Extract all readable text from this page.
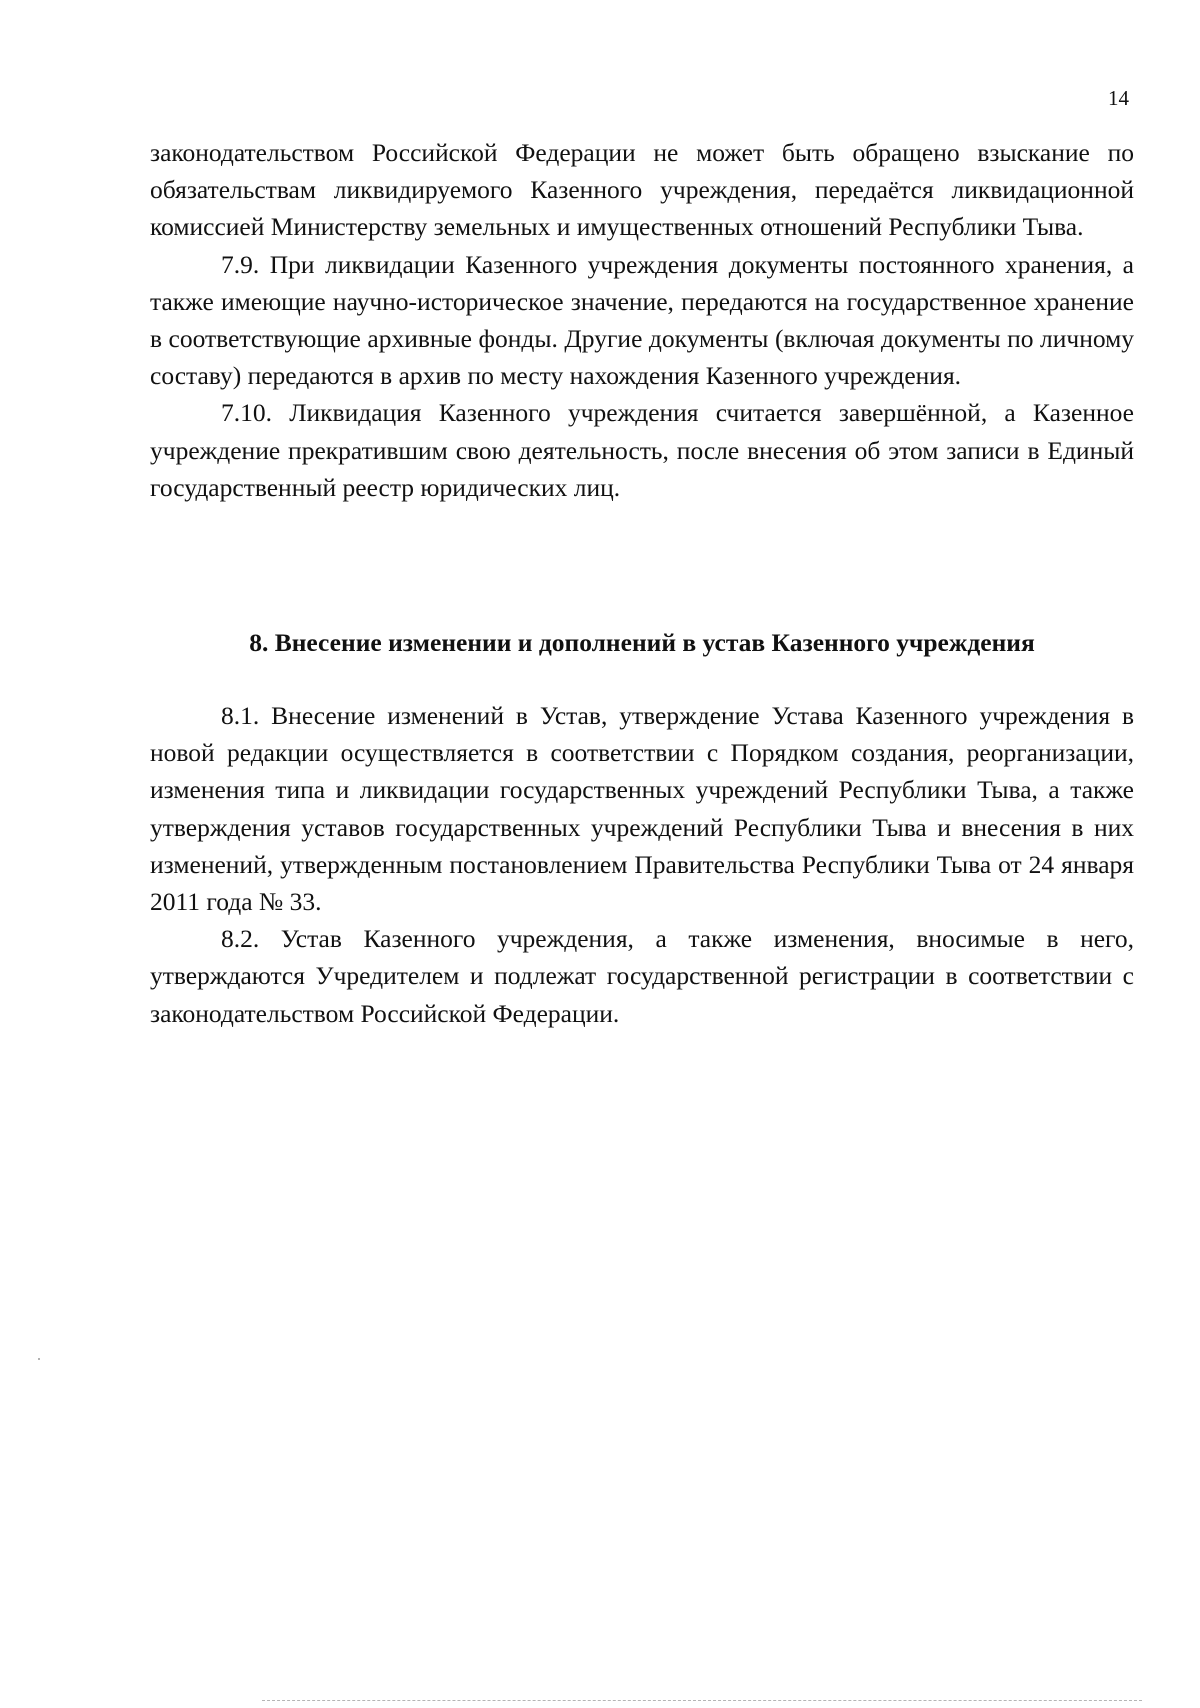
14

законодательством Российской Федерации не может быть обращено взыскание по обязательствам ликвидируемого Казенного учреждения, передаётся ликвидационной комиссией Министерству земельных и имущественных отношений Республики Тыва.

7.9. При ликвидации Казенного учреждения документы постоянного хранения, а также имеющие научно-историческое значение, передаются на государственное хранение в соответствующие архивные фонды. Другие документы (включая документы по личному составу) передаются в архив по месту нахождения Казенного учреждения.

7.10. Ликвидация Казенного учреждения считается завершённой, а Казенное учреждение прекратившим свою деятельность, после внесения об этом записи в Единый государственный реестр юридических лиц.

8. Внесение изменении и дополнений в устав Казенного учреждения

8.1. Внесение изменений в Устав, утверждение Устава Казенного учреждения в новой редакции осуществляется в соответствии с Порядком создания, реорганизации, изменения типа и ликвидации государственных учреждений Республики Тыва, а также утверждения уставов государственных учреждений Республики Тыва и внесения в них изменений, утвержденным постановлением Правительства Республики Тыва от 24 января 2011 года № 33.

8.2. Устав Казенного учреждения, а также изменения, вносимые в него, утверждаются Учредителем и подлежат государственной регистрации в соответствии с законодательством Российской Федерации.
